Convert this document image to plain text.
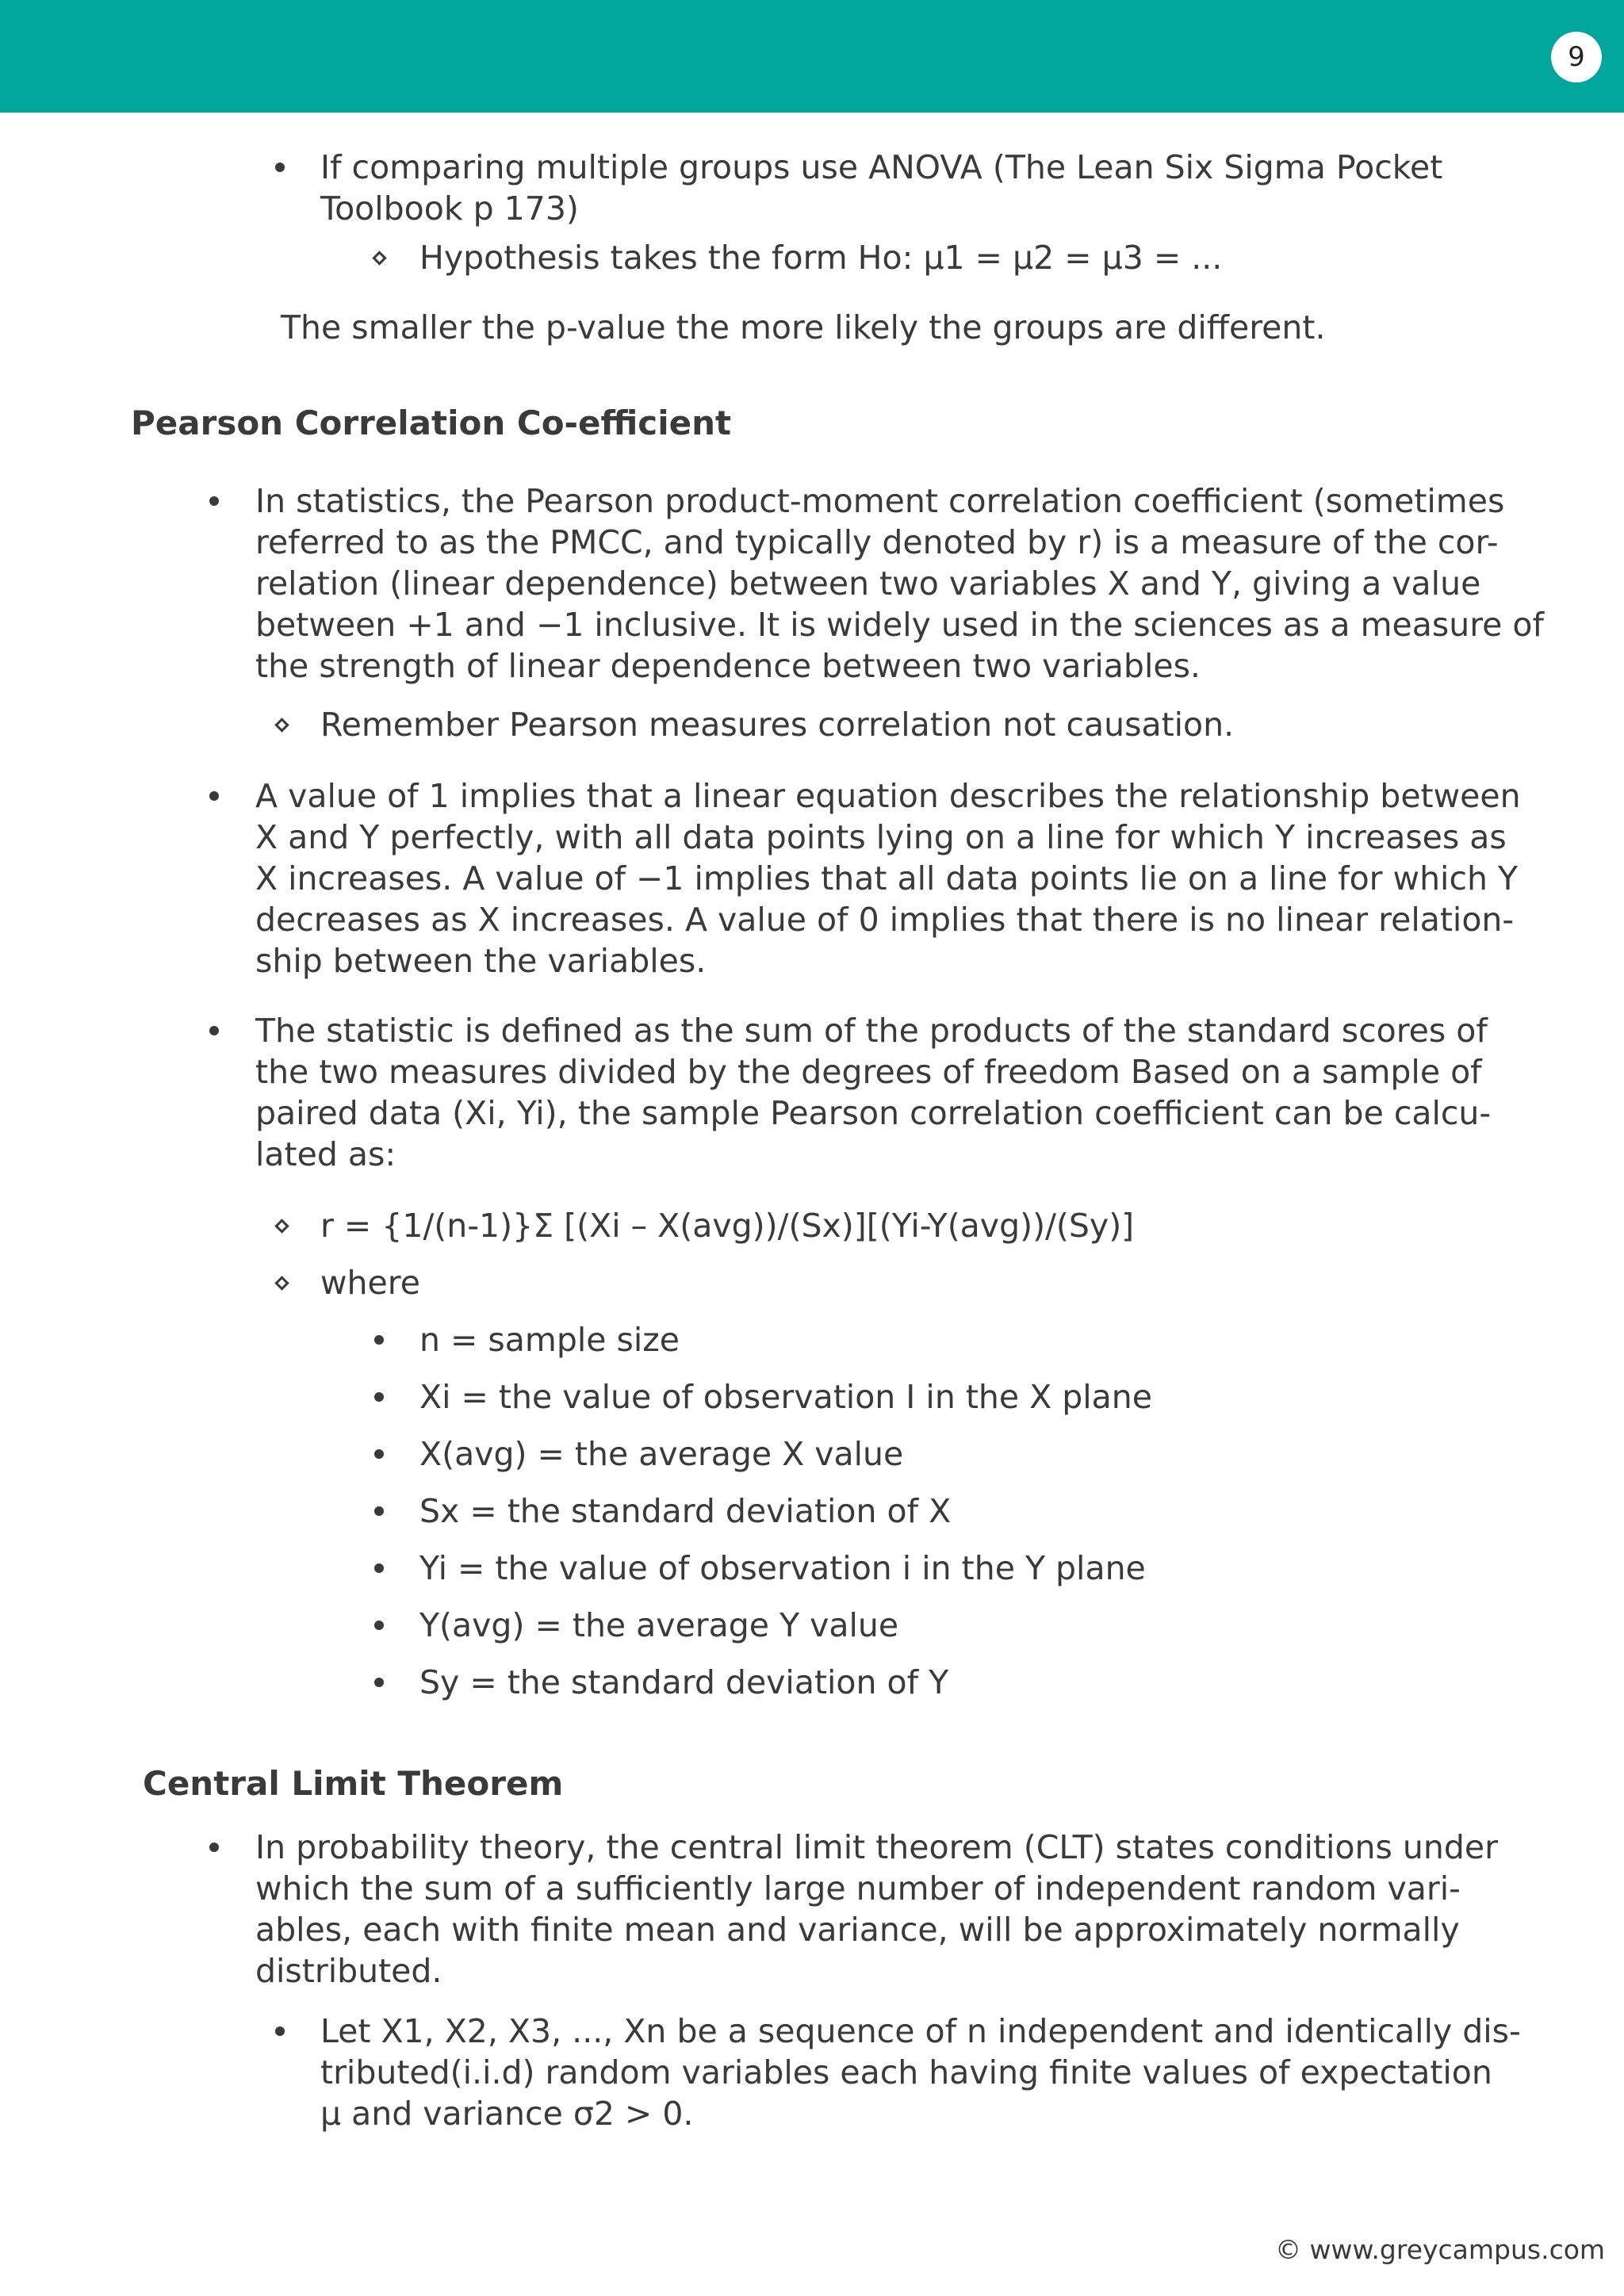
9
If comparing multiple groups use ANOVA (The Lean Six Sigma Pocket
Toolbook p 173)
Hypothesis takes the form Ho: µ1 = µ2 = µ3 = ...
The smaller the p-value the more likely the groups are different.
Pearson Correlation Co-efficient
In statistics, the Pearson product-moment correlation coefficient (sometimes
referred to as the PMCC, and typically denoted by r) is a measure of the cor-
relation (linear dependence) between two variables X and Y, giving a value
between +1 and −1 inclusive. It is widely used in the sciences as a measure of
the strength of linear dependence between two variables.
Remember Pearson measures correlation not causation.
A value of 1 implies that a linear equation describes the relationship between
X and Y perfectly, with all data points lying on a line for which Y increases as
X increases. A value of −1 implies that all data points lie on a line for which Y
decreases as X increases. A value of 0 implies that there is no linear relation-
ship between the variables.
The statistic is defined as the sum of the products of the standard scores of
the two measures divided by the degrees of freedom Based on a sample of
paired data (Xi, Yi), the sample Pearson correlation coefficient can be calcu-
lated as:
r = {1/(n-1)}Σ [(Xi – X(avg))/(Sx)][(Yi-Y(avg))/(Sy)]
where
n = sample size
Xi = the value of observation I in the X plane
X(avg) = the average X value
Sx = the standard deviation of X
Yi = the value of observation i in the Y plane
Y(avg) = the average Y value
Sy = the standard deviation of Y
Central Limit Theorem
In probability theory, the central limit theorem (CLT) states conditions under
which the sum of a sufficiently large number of independent random vari-
ables, each with finite mean and variance, will be approximately normally
distributed.
Let X1, X2, X3, ..., Xn be a sequence of n independent and identically dis-
tributed(i.i.d) random variables each having finite values of expectation
µ and variance σ2 > 0.
© www.greycampus.com
